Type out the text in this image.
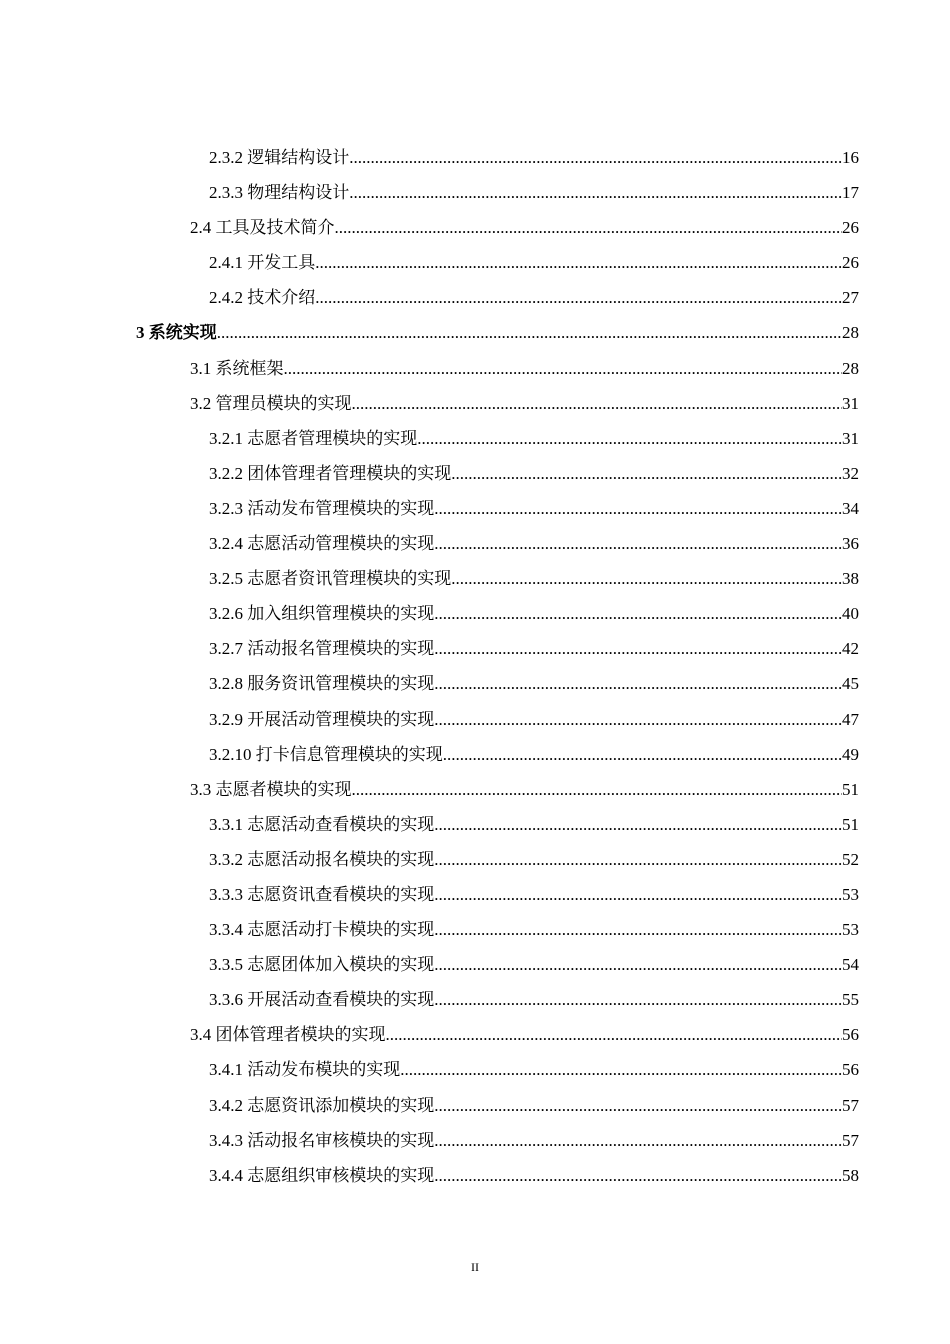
2.3.2 逻辑结构设计 .....	16
2.3.3 物理结构设计 .....	17
2.4 工具及技术简介 .....	26
2.4.1 开发工具 .....	26
2.4.2 技术介绍 .....	27
3 系统实现 .....	28
3.1 系统框架 .....	28
3.2 管理员模块的实现 .....	31
3.2.1 志愿者管理模块的实现 .....	31
3.2.2 团体管理者管理模块的实现 .....	32
3.2.3 活动发布管理模块的实现 .....	34
3.2.4 志愿活动管理模块的实现 .....	36
3.2.5 志愿者资讯管理模块的实现 .....	38
3.2.6 加入组织管理模块的实现 .....	40
3.2.7 活动报名管理模块的实现 .....	42
3.2.8 服务资讯管理模块的实现 .....	45
3.2.9 开展活动管理模块的实现 .....	47
3.2.10 打卡信息管理模块的实现 .....	49
3.3 志愿者模块的实现 .....	51
3.3.1 志愿活动查看模块的实现 .....	51
3.3.2 志愿活动报名模块的实现 .....	52
3.3.3 志愿资讯查看模块的实现 .....	53
3.3.4 志愿活动打卡模块的实现 .....	53
3.3.5 志愿团体加入模块的实现 .....	54
3.3.6 开展活动查看模块的实现 .....	55
3.4 团体管理者模块的实现 .....	56
3.4.1 活动发布模块的实现 .....	56
3.4.2 志愿资讯添加模块的实现 .....	57
3.4.3 活动报名审核模块的实现 .....	57
3.4.4 志愿组织审核模块的实现 .....	58
II
